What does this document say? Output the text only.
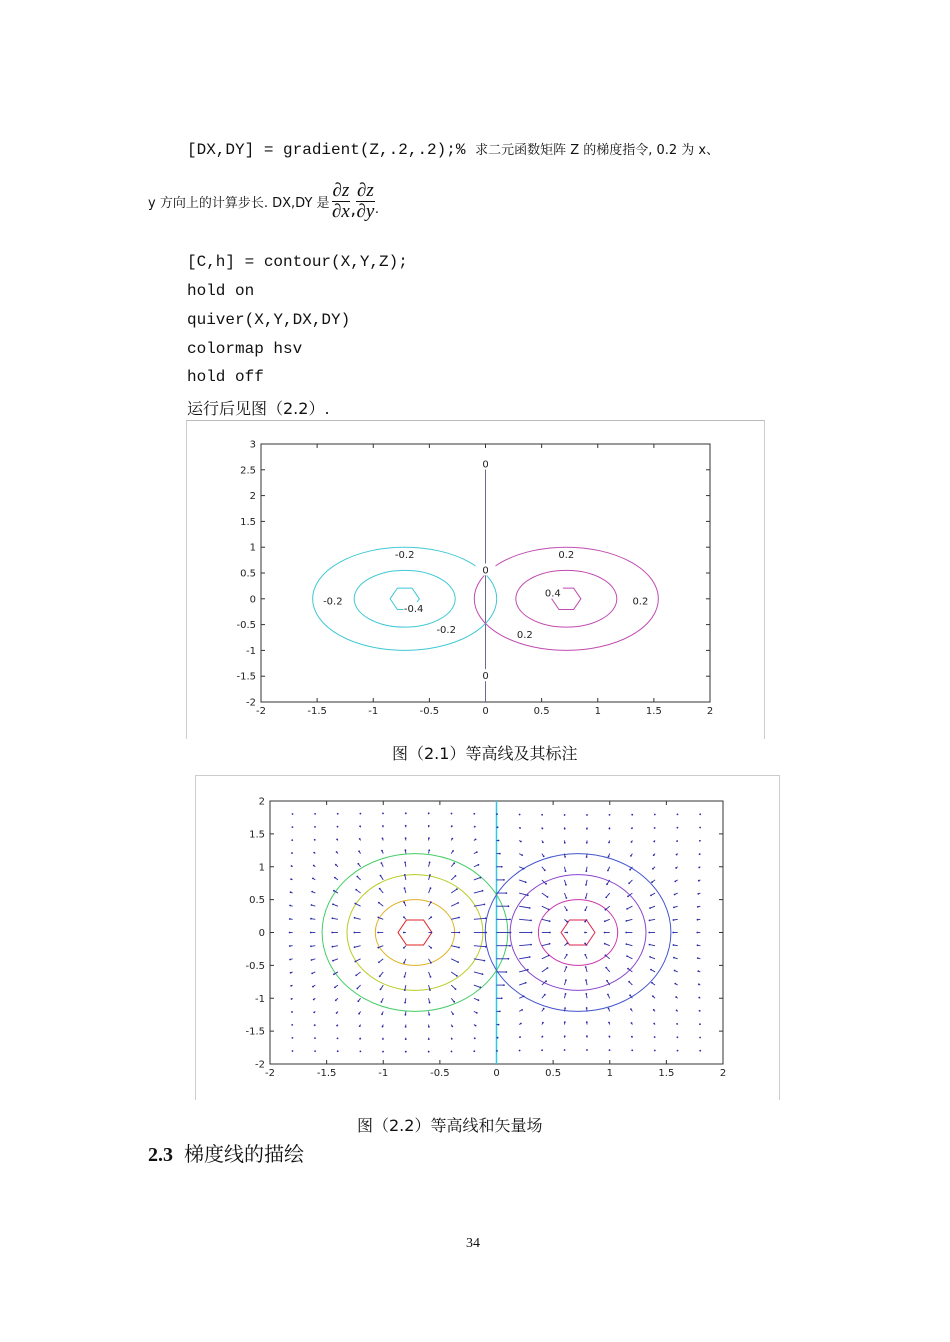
[DX,DY] = gradient(Z,.2,.2);% 求二元函数矩阵 Z 的梯度指令, 0.2 为 x、
y 方向上的计算步长. DX,DY 是 $\frac{\partial z}{\partial x}$ , $\frac{\partial z}{\partial y}$ .
[C,h] = contour(X,Y,Z);
hold on
quiver(X,Y,DX,DY)
colormap hsv
hold off
运行后见图（2.2）.
-2	-1.5	-1	-0.5	0	0.5	1	1.5	2
3
2.5
2
1.5
1
0.5
0
-0.5
-1
-1.5
-2
-0.2
-0.2
-0.4
-0.2
0
0
0
0.2
0.4
0.2
0.2
图（2.1）等高线及其标注
-2	-1.5	-1	-0.5	0	0.5	1	1.5	2
2
1.5
1
0.5
0
-0.5
-1
-1.5
-2
图（2.2）等高线和矢量场
2.3 梯度线的描绘
34
